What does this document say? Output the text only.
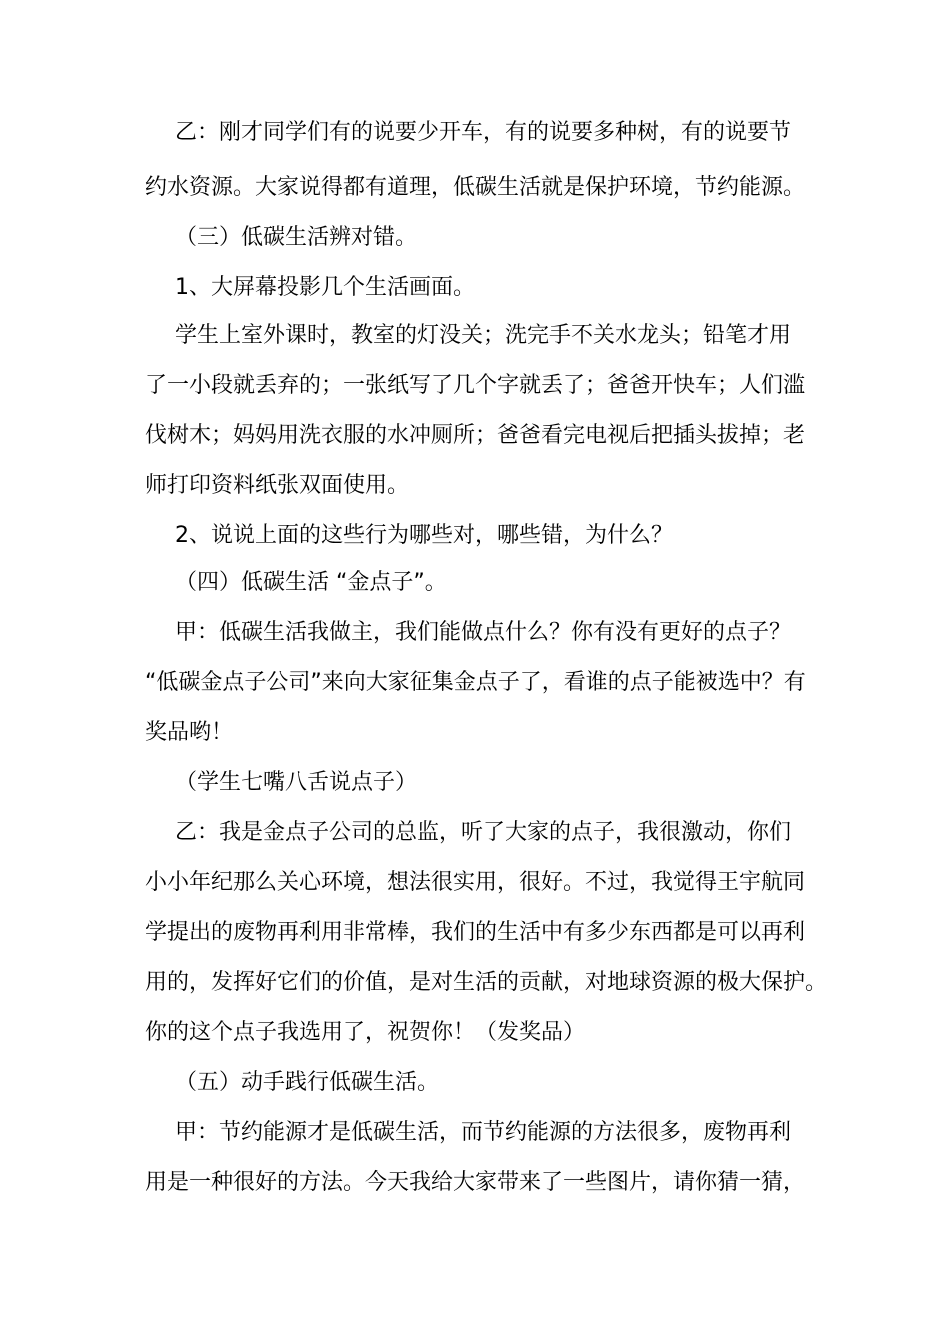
乙：刚才同学们有的说要少开车，有的说要多种树，有的说要节
约水资源。大家说得都有道理，低碳生活就是保护环境，节约能源。
（三）低碳生活辨对错。
1、大屏幕投影几个生活画面。
学生上室外课时，教室的灯没关；洗完手不关水龙头；铅笔才用
了一小段就丢弃的；一张纸写了几个字就丢了；爸爸开快车；人们滥
伐树木；妈妈用洗衣服的水冲厕所；爸爸看完电视后把插头拔掉；老
师打印资料纸张双面使用。
2、说说上面的这些行为哪些对，哪些错，为什么？
（四）低碳生活 “金点子”。
甲：低碳生活我做主，我们能做点什么？你有没有更好的点子？
“低碳金点子公司”来向大家征集金点子了，看谁的点子能被选中？有
奖品哟！
（学生七嘴八舌说点子）
乙：我是金点子公司的总监，听了大家的点子，我很激动，你们
小小年纪那么关心环境，想法很实用，很好。不过，我觉得王宇航同
学提出的废物再利用非常棒，我们的生活中有多少东西都是可以再利
用的，发挥好它们的价值，是对生活的贡献，对地球资源的极大保护。
你的这个点子我选用了，祝贺你！（发奖品）
（五）动手践行低碳生活。
甲：节约能源才是低碳生活，而节约能源的方法很多，废物再利
用是一种很好的方法。今天我给大家带来了一些图片，请你猜一猜，
